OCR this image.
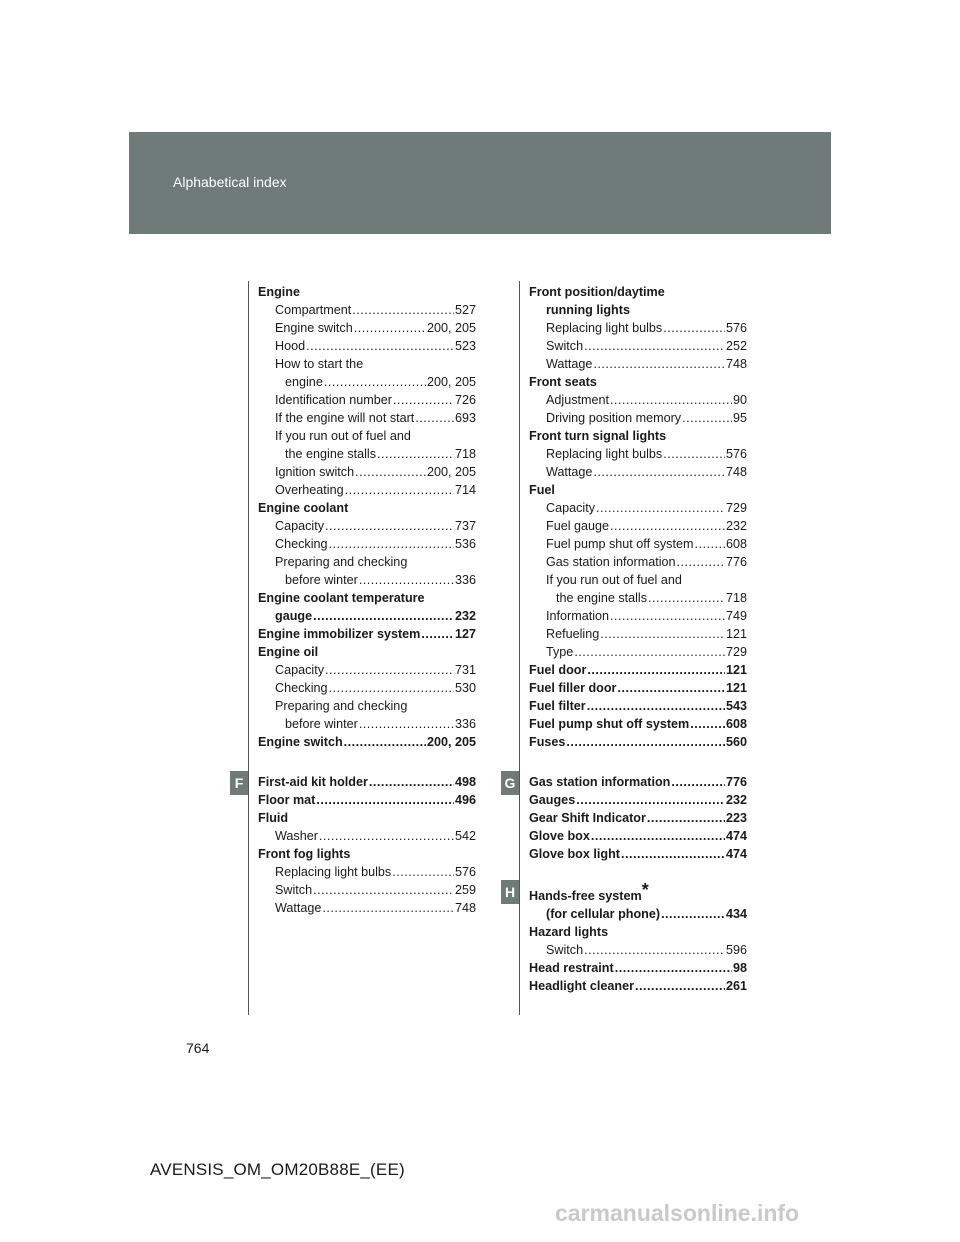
Alphabetical index
F	G
H

Engine

Compartment .....	527

Engine switch .....	200, 205

Hood .....	523

How to start the

engine .....	200, 205

Identification number .....	726

If the engine will not start .....	693

If you run out of fuel and

the engine stalls .....	718

Ignition switch .....	200, 205

Overheating .....	714

Engine coolant

Capacity .....	737

Checking .....	536

Preparing and checking

before winter .....	336

Engine coolant temperature

gauge .....	232

Engine immobilizer system .....	127

Engine oil

Capacity .....	731

Checking .....	530

Preparing and checking

before winter .....	336

Engine switch .....	200, 205

First-aid kit holder .....	498

Floor mat .....	496

Fluid

Washer .....	542

Front fog lights

Replacing light bulbs .....	576

Switch .....	259

Wattage .....	748

Front position/daytime

running lights

Replacing light bulbs .....	576

Switch .....	252

Wattage .....	748

Front seats

Adjustment .....	90

Driving position memory .....	95

Front turn signal lights

Replacing light bulbs .....	576

Wattage .....	748

Fuel

Capacity .....	729

Fuel gauge .....	232

Fuel pump shut off system .....	608

Gas station information .....	776

If you run out of fuel and

the engine stalls .....	718

Information .....	749

Refueling .....	121

Type .....	729

Fuel door .....	121

Fuel filler door .....	121

Fuel filter .....	543

Fuel pump shut off system .....	608

Fuses .....	560

Gas station information .....	776

Gauges .....	232

Gear Shift Indicator .....	223

Glove box .....	474

Glove box light .....	474

Hands-free system*

(for cellular phone) .....	434

Hazard lights

Switch .....	596

Head restraint .....	98

Headlight cleaner .....	261

764
AVENSIS_OM_OM20B88E_(EE)
carmanualsonline.info
